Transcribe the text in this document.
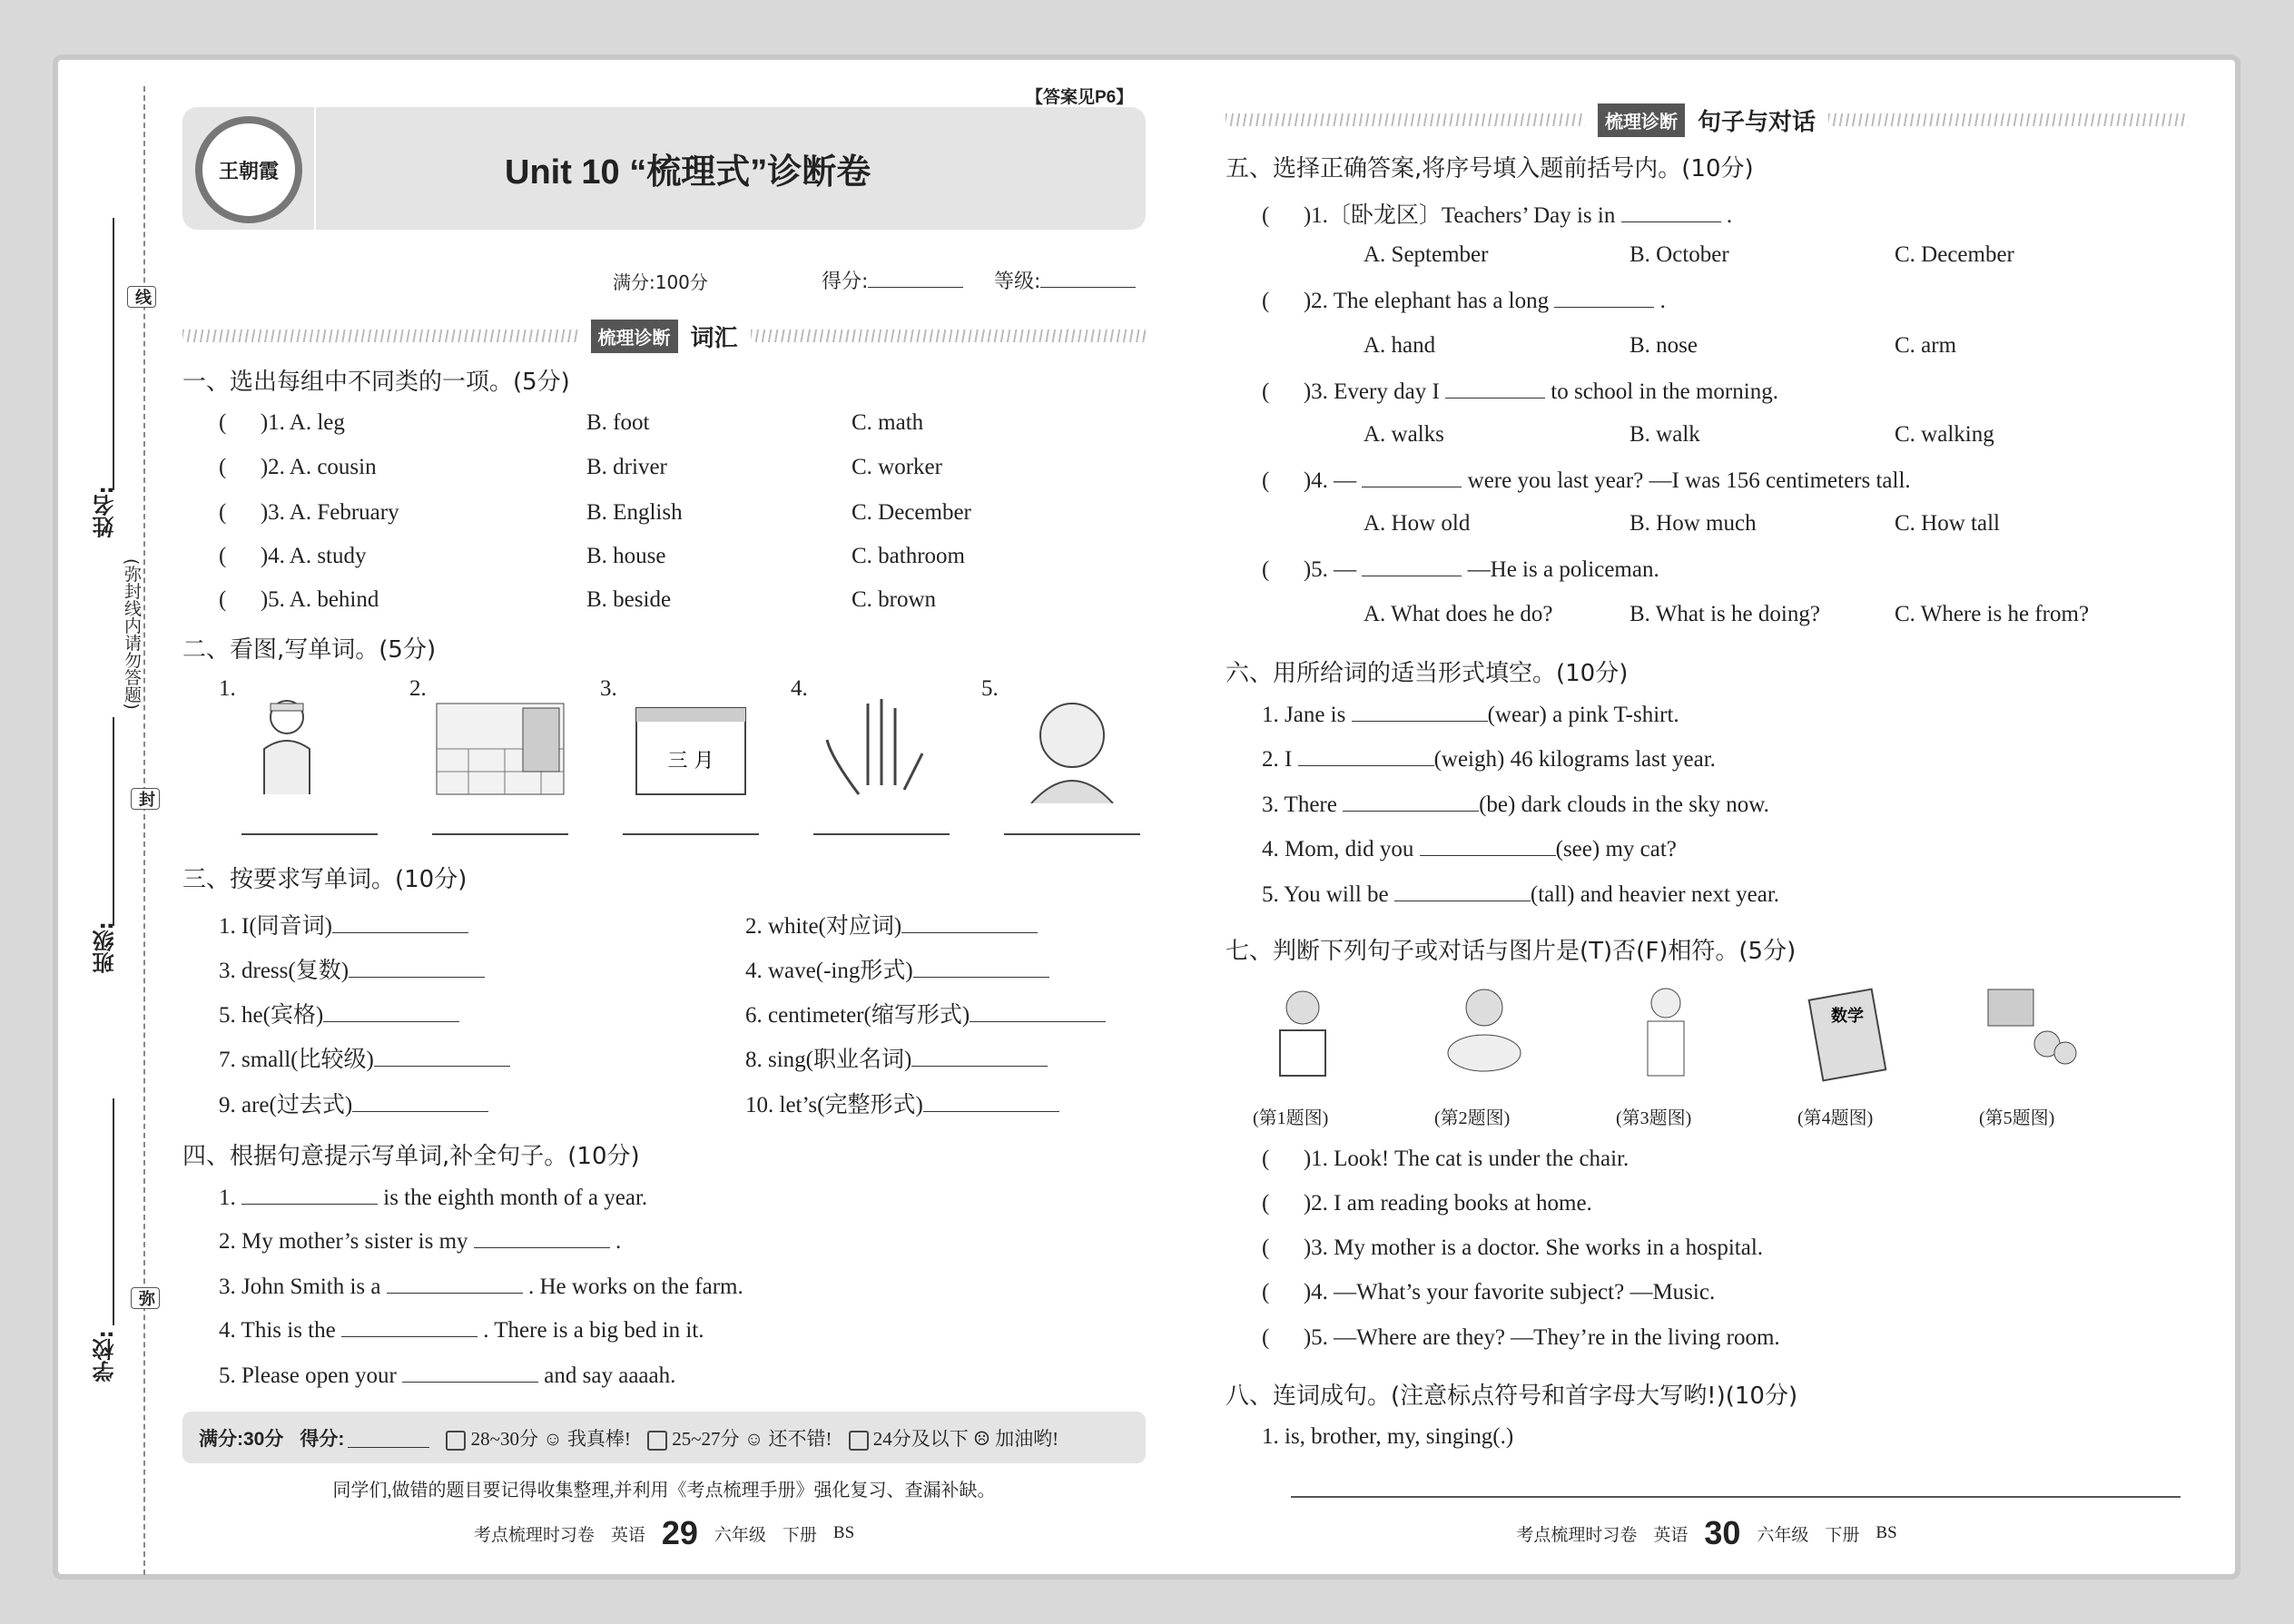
线
姓名:
(弥封线内请勿答题)
封
班级:
弥
学校:
【答案见P6】
王朝霞	Unit 10 “梳理式”诊断卷
满分:100分	得分:	等级:
梳理诊断 词汇
一、选出每组中不同类的一项。(5分)
(      )1. A. leg	B. foot	C. math
(      )2. A. cousin	B. driver	C. worker
(      )3. A. February	B. English	C. December
(      )4. A. study	B. house	C. bathroom
(      )5. A. behind	B. beside	C. brown
二、看图,写单词。(5分)
1.	2.	3.
三 月
4.	5.
三、按要求写单词。(10分)
1. I(同音词)	2. white(对应词)
3. dress(复数)	4. wave(-ing形式)
5. he(宾格)	6. centimeter(缩写形式)
7. small(比较级)	8. sing(职业名词)
9. are(过去式)	10. let’s(完整形式)
四、根据句意提示写单词,补全句子。(10分)
1.	is the eighth month of a year.
2. My mother’s sister is my	.
3. John Smith is a	. He works on the farm.
4. This is the	. There is a big bed in it.
5. Please open your	and say aaaah.
五、选择正确答案,将序号填入题前括号内。(10分)
(      )1.〔卧龙区〕Teachers’ Day is in	.
A. September	B. October	C. December
(      )2. The elephant has a long	.
A. hand	B. nose	C. arm
(      )3. Every day I	to school in the morning.
A. walks	B. walk	C. walking
(      )4. —	were you last year? —I was 156 centimeters tall.
A. How old	B. How much	C. How tall
(      )5. —	—He is a policeman.
A. What does he do?	B. What is he doing?	C. Where is he from?
六、用所给词的适当形式填空。(10分)
1. Jane is	(wear) a pink T-shirt.
2. I	(weigh) 46 kilograms last year.
3. There	(be) dark clouds in the sky now.
4. Mom, did you	(see) my cat?
5. You will be	(tall) and heavier next year.
七、判断下列句子或对话与图片是(T)否(F)相符。(5分)
(第1题图)	(第2题图)	(第3题图)
数学
(第4题图)	(第5题图)
(      )1. Look! The cat is under the chair.
(      )2. I am reading books at home.
(      )3. My mother is a doctor. She works in a hospital.
(      )4. —What’s your favorite subject? —Music.
(      )5. —Where are they? —They’re in the living room.
八、连词成句。(注意标点符号和首字母大写哟!)(10分)
1. is, brother, my, singing(.)
梳理诊断 句子与对话
满分:30分 得分:	28~30分 ☺ 我真棒!	25~27分 ☺ 还不错!	24分及以下 ☹ 加油哟!
同学们,做错的题目要记得收集整理,并利用《考点梳理手册》强化复习、查漏补缺。
考点梳理时习卷 英语 29 六年级 下册 BS	考点梳理时习卷 英语 30 六年级 下册 BS
